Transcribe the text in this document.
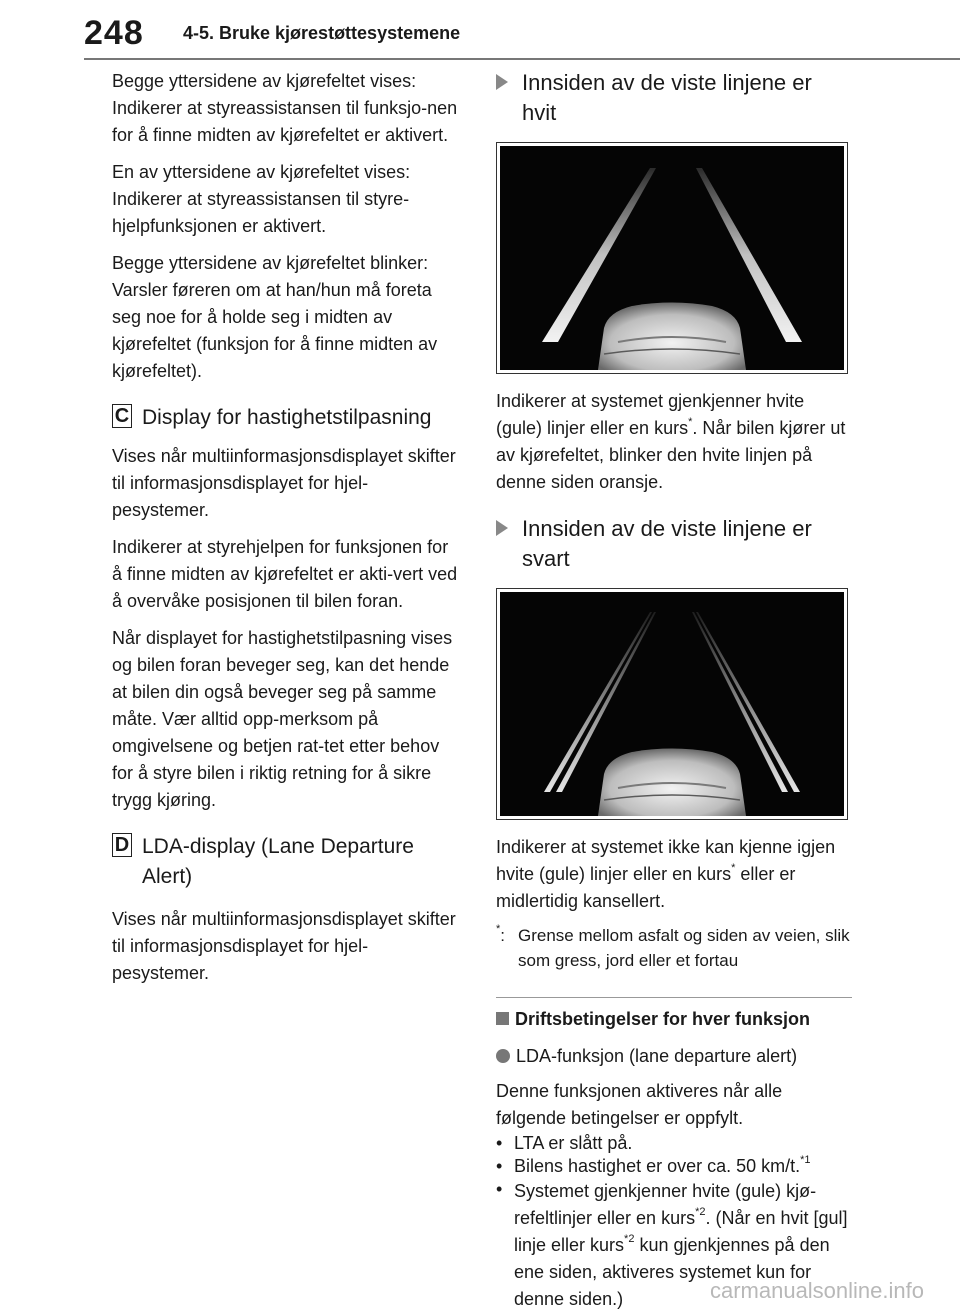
248 4-5. Bruke kjørestøttesystemene

Begge yttersidene av kjørefeltet vises: Indikerer at styreassistansen til funksjo-nen for å finne midten av kjørefeltet er aktivert.

En av yttersidene av kjørefeltet vises: Indikerer at styreassistansen til styre-hjelpfunksjonen er aktivert.

Begge yttersidene av kjørefeltet blinker: Varsler føreren om at han/hun må foreta seg noe for å holde seg i midten av kjørefeltet (funksjon for å finne midten av kjørefeltet).

C Display for hastighetstilpasning

Vises når multiinformasjonsdisplayet skifter til informasjonsdisplayet for hjel-pesystemer.

Indikerer at styrehjelpen for funksjonen for å finne midten av kjørefeltet er akti-vert ved å overvåke posisjonen til bilen foran.

Når displayet for hastighetstilpasning vises og bilen foran beveger seg, kan det hende at bilen din også beveger seg på samme måte. Vær alltid opp-merksom på omgivelsene og betjen rat-tet etter behov for å styre bilen i riktig retning for å sikre trygg kjøring.

D LDA-display (Lane Departure Alert)

Vises når multiinformasjonsdisplayet skifter til informasjonsdisplayet for hjel-pesystemer.

Innsiden av de viste linjene er hvit

Indikerer at systemet gjenkjenner hvite (gule) linjer eller en kurs*. Når bilen kjører ut av kjørefeltet, blinker den hvite linjen på denne siden oransje.

Innsiden av de viste linjene er svart

Indikerer at systemet ikke kan kjenne igjen hvite (gule) linjer eller en kurs* eller er midlertidig kansellert.

*: Grense mellom asfalt og siden av veien, slik som gress, jord eller et fortau

Driftsbetingelser for hver funksjon

LDA-funksjon (lane departure alert)

Denne funksjonen aktiveres når alle følgende betingelser er oppfylt.

• LTA er slått på.
• Bilens hastighet er over ca. 50 km/t.$^{*1}$
• Systemet gjenkjenner hvite (gule) kjø-refeltlinjer eller en kurs$^{*2}$. (Når en hvit [gul] linje eller kurs$^{*2}$ kun gjenkjennes på den ene siden, aktiveres systemet kun for denne siden.)	carmanualsonline.info
